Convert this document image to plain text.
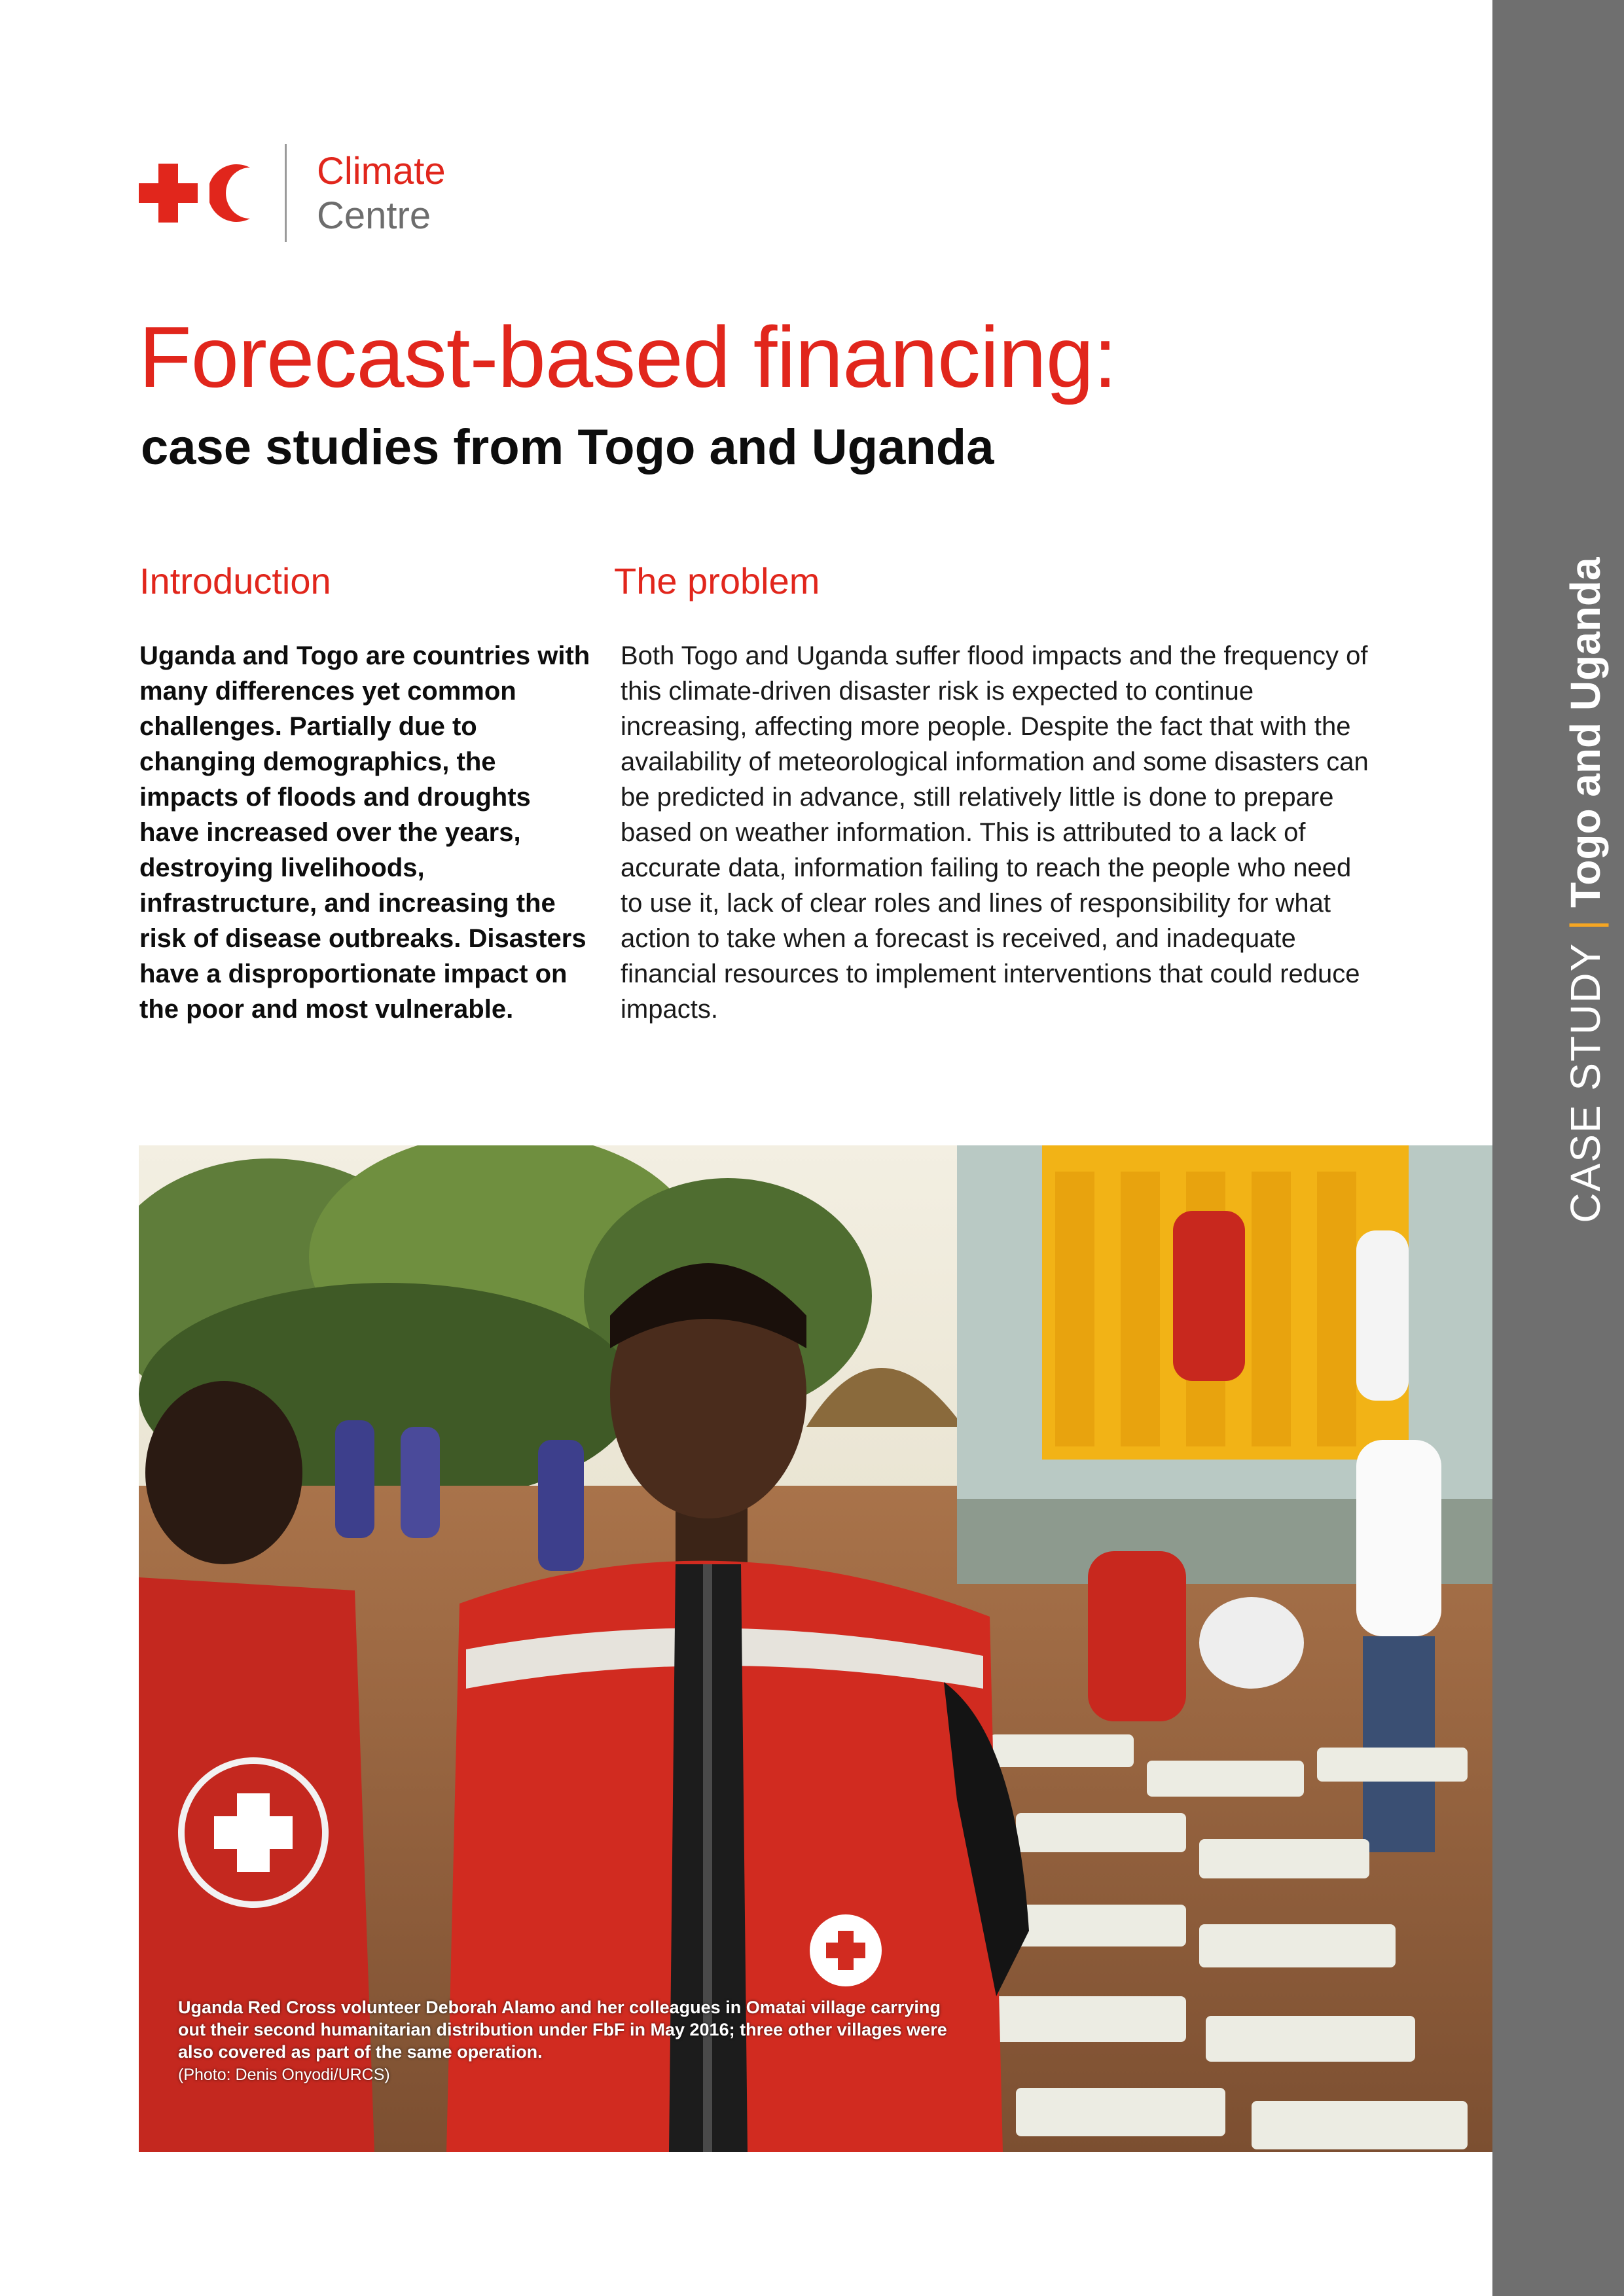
CASE STUDY|Togo and Uganda
Climate
Centre
Forecast-based financing:
case studies from Togo and Uganda
Introduction	The problem

Uganda and Togo are countries with many differences yet common challenges. Partially due to changing demographics, the impacts of floods and droughts have increased over the years, destroying livelihoods, infrastructure, and increasing the risk of disease outbreaks. Disasters have a disproportionate impact on the poor and most vulnerable.

Both Togo and Uganda suffer flood impacts and the frequency of this climate-driven disaster risk is expected to continue increasing, affecting more people. Despite the fact that with the availability of meteorological information and some disasters can be predicted in advance, still relatively little is done to prepare based on weather information. This is attributed to a lack of accurate data, information failing to reach the people who need to use it, lack of clear roles and lines of responsibility for what action to take when a forecast is received, and inadequate financial resources to implement interventions that could reduce impacts.

Uganda Red Cross volunteer Deborah Alamo and her colleagues in Omatai village carrying out their second humanitarian distribution under FbF in May 2016; three other villages were also covered as part of the same operation.
(Photo: Denis Onyodi/URCS)
